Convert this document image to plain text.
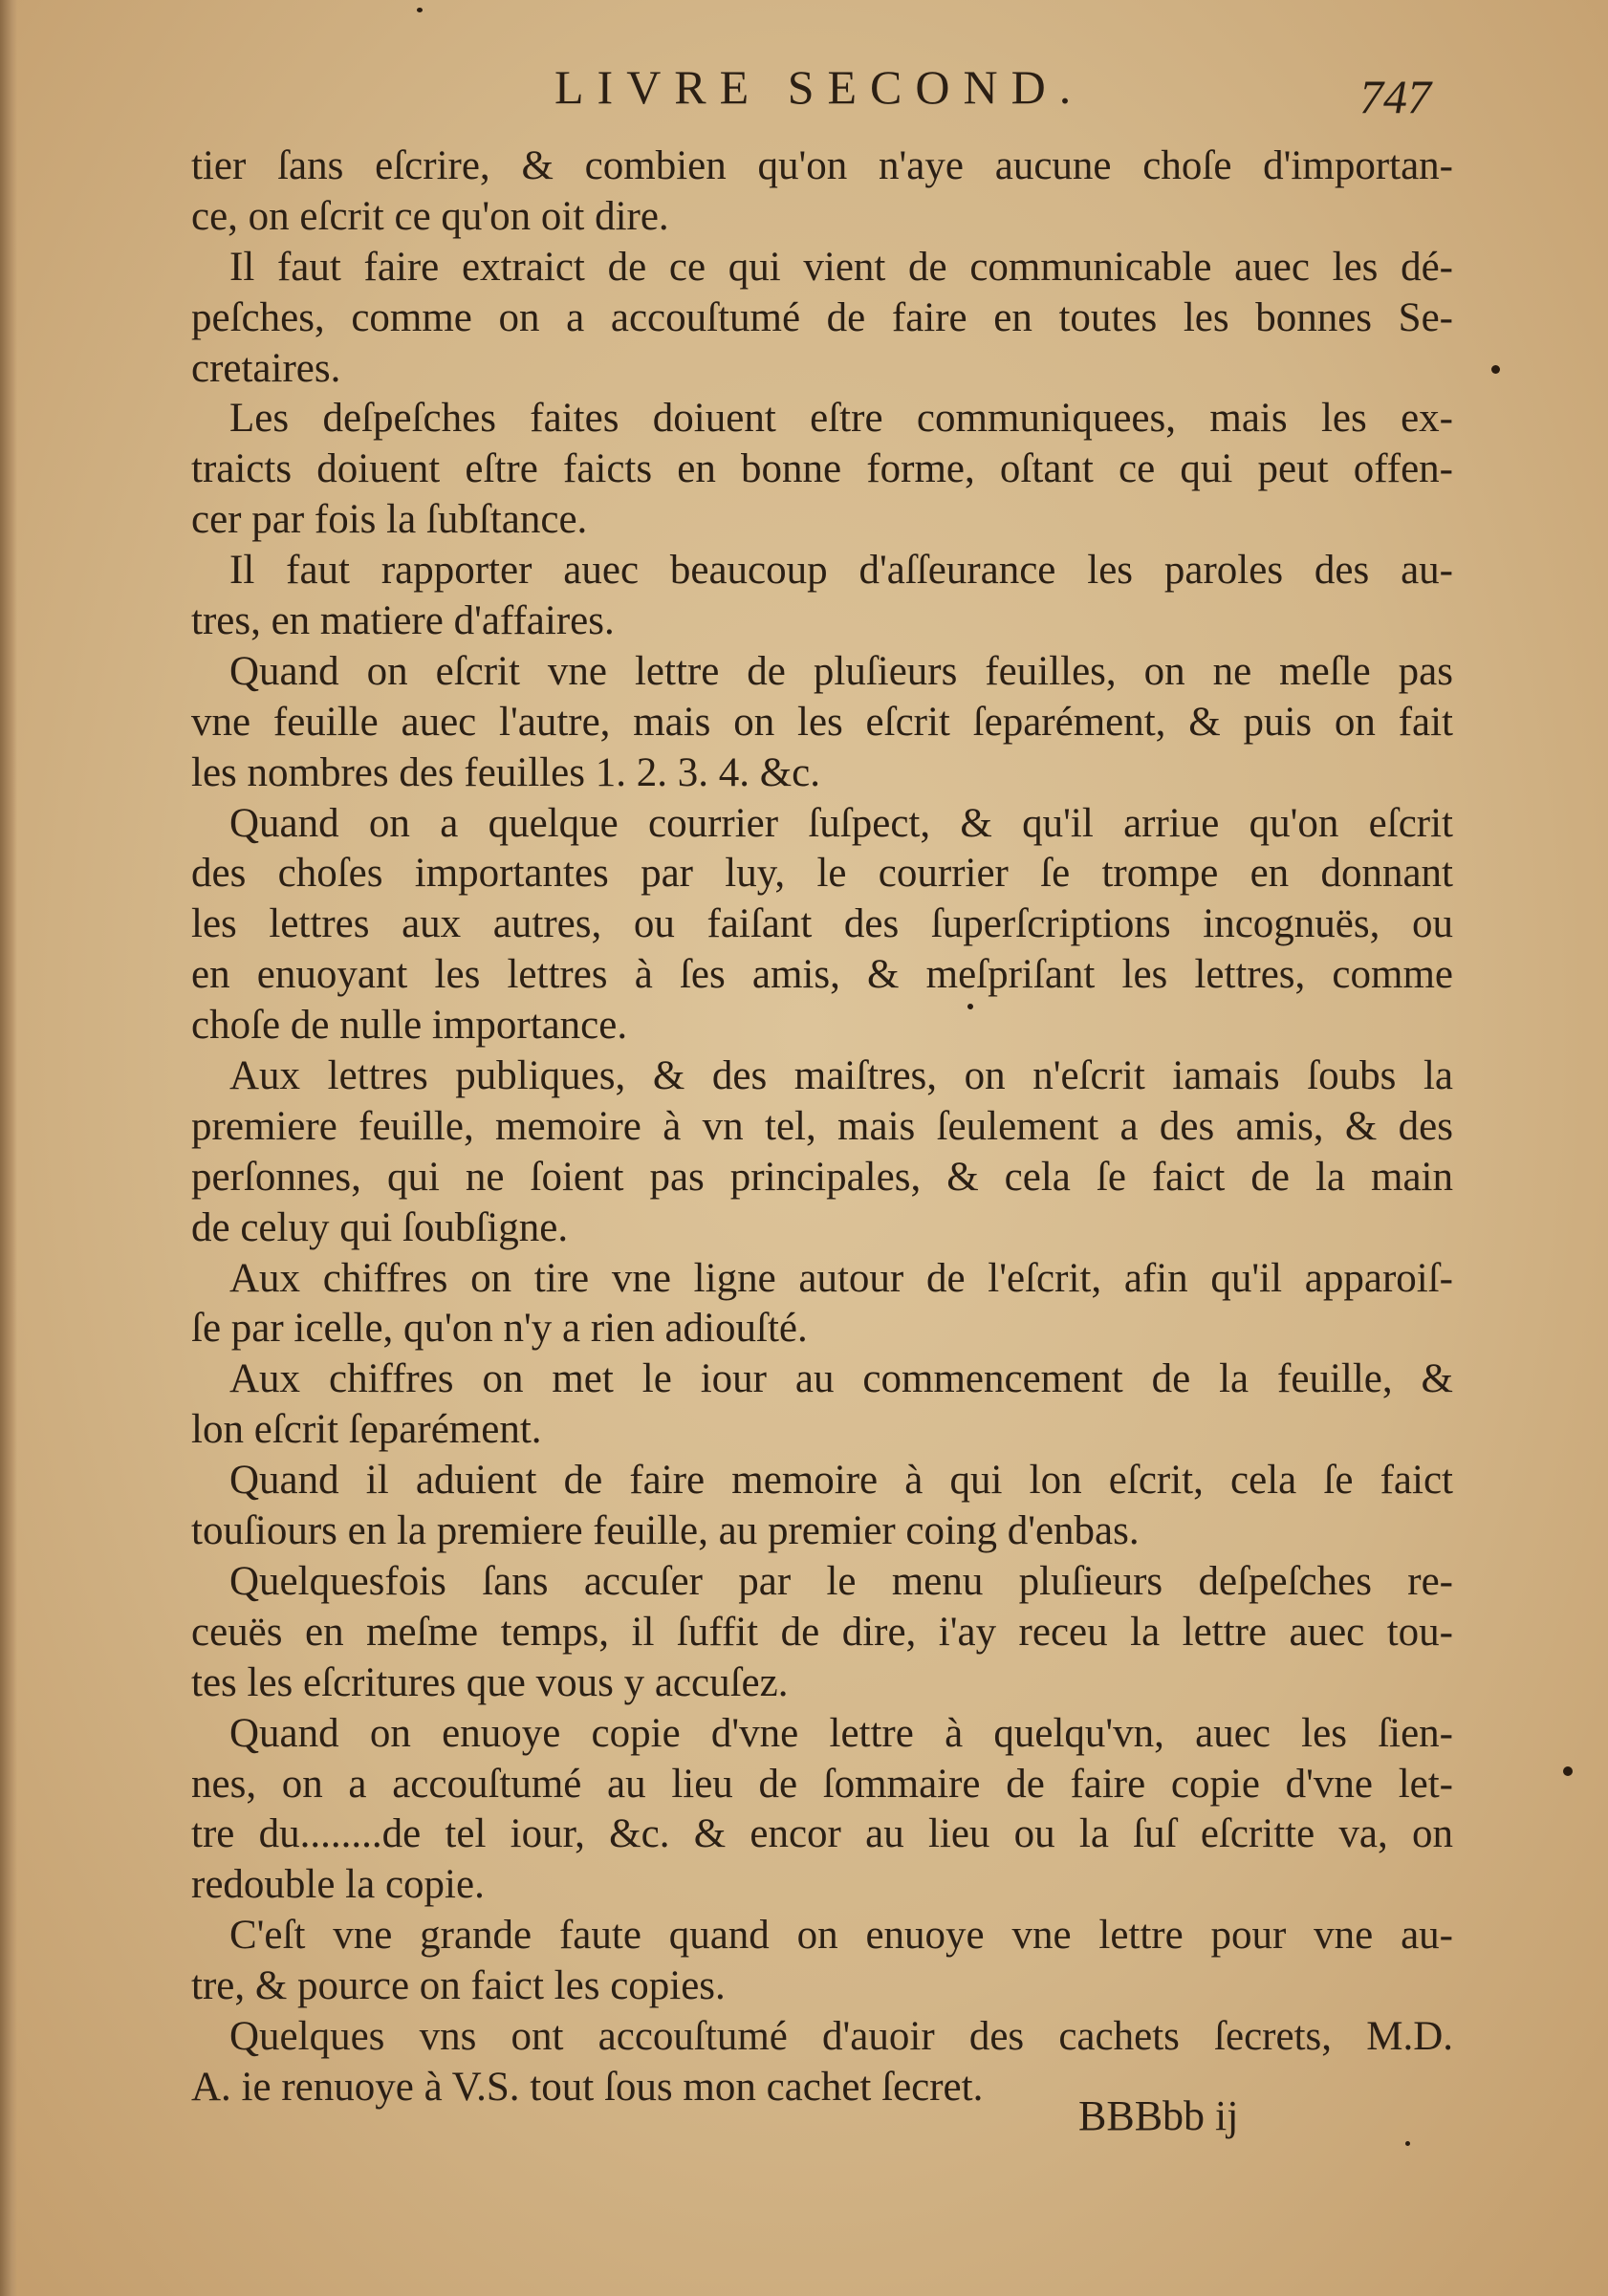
LIVRE SECOND.	747
tier ſans eſcrire, & combien qu'on n'aye aucune choſe d'importan-
ce, on eſcrit ce qu'on oit dire.
Il faut faire extraict de ce qui vient de communicable auec les dé-
peſches, comme on a accouſtumé de faire en toutes les bonnes Se-
cretaires.
Les deſpeſches faites doiuent eſtre communiquees, mais les ex-
traicts doiuent eſtre faicts en bonne forme, oſtant ce qui peut offen-
cer par fois la ſubſtance.
Il faut rapporter auec beaucoup d'aſſeurance les paroles des au-
tres, en matiere d'affaires.
Quand on eſcrit vne lettre de pluſieurs feuilles, on ne meſle pas
vne feuille auec l'autre, mais on les eſcrit ſeparément, & puis on fait
les nombres des feuilles 1. 2. 3. 4. &c.
Quand on a quelque courrier ſuſpect, & qu'il arriue qu'on eſcrit
des choſes importantes par luy, le courrier ſe trompe en donnant
les lettres aux autres, ou faiſant des ſuperſcriptions incognuës, ou
en enuoyant les lettres à ſes amis, & meſpriſant les lettres, comme
choſe de nulle importance.
Aux lettres publiques, & des maiſtres, on n'eſcrit iamais ſoubs la
premiere feuille, memoire à vn tel, mais ſeulement a des amis, & des
perſonnes, qui ne ſoient pas principales, & cela ſe faict de la main
de celuy qui ſoubſigne.
Aux chiffres on tire vne ligne autour de l'eſcrit, afin qu'il apparoiſ-
ſe par icelle, qu'on n'y a rien adiouſté.
Aux chiffres on met le iour au commencement de la feuille, &
lon eſcrit ſeparément.
Quand il aduient de faire memoire à qui lon eſcrit, cela ſe faict
touſiours en la premiere feuille, au premier coing d'enbas.
Quelquesfois ſans accuſer par le menu pluſieurs deſpeſches re-
ceuës en meſme temps, il ſuffit de dire, i'ay receu la lettre auec tou-
tes les eſcritures que vous y accuſez.
Quand on enuoye copie d'vne lettre à quelqu'vn, auec les ſien-
nes, on a accouſtumé au lieu de ſommaire de faire copie d'vne let-
tre du........de tel iour, &c. & encor au lieu ou la ſuſ eſcritte va, on
redouble la copie.
C'eſt vne grande faute quand on enuoye vne lettre pour vne au-
tre, & pource on faict les copies.
Quelques vns ont accouſtumé d'auoir des cachets ſecrets, M.D.
A. ie renuoye à V.S. tout ſous mon cachet ſecret.
BBBbb ij
